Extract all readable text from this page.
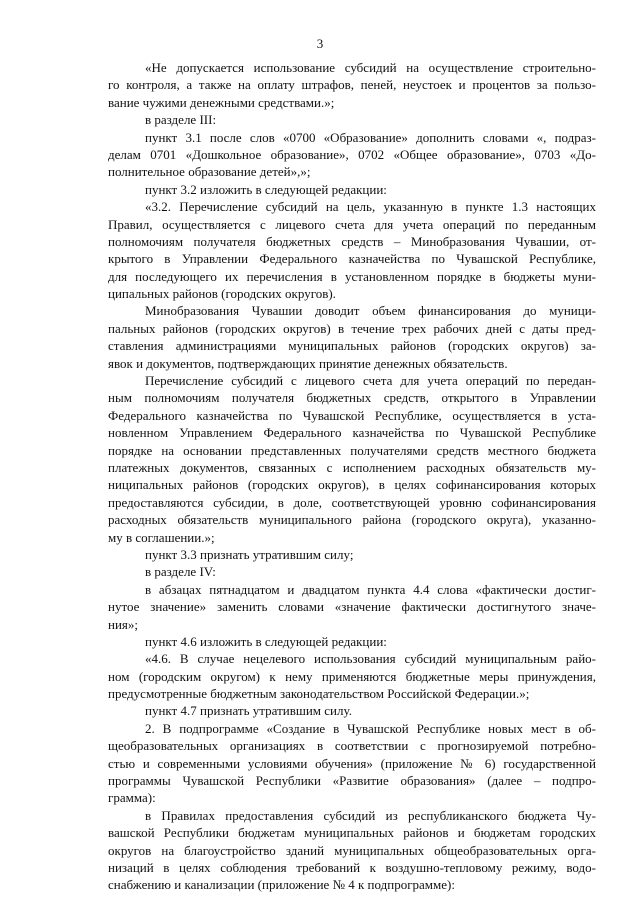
3
«Не допускается использование субсидий на осуществление строительно-
го контроля, а также на оплату штрафов, пеней, неустоек и процентов за пользо-
вание чужими денежными средствами.»;
в разделе III:
пункт 3.1 после слов «0700 «Образование» дополнить словами «, подраз-
делам 0701 «Дошкольное образование», 0702 «Общее образование», 0703 «До-
полнительное образование детей»,»;
пункт 3.2 изложить в следующей редакции:
«3.2. Перечисление субсидий на цель, указанную в пункте 1.3 настоящих
Правил, осуществляется с лицевого счета для учета операций по переданным
полномочиям получателя бюджетных средств – Минобразования Чувашии, от-
крытого в Управлении Федерального казначейства по Чувашской Республике,
для последующего их перечисления в установленном порядке в бюджеты муни-
ципальных районов (городских округов).
Минобразования Чувашии доводит объем финансирования до муници-
пальных районов (городских округов) в течение трех рабочих дней с даты пред-
ставления администрациями муниципальных районов (городских округов) за-
явок и документов, подтверждающих принятие денежных обязательств.
Перечисление субсидий с лицевого счета для учета операций по передан-
ным полномочиям получателя бюджетных средств, открытого в Управлении
Федерального казначейства по Чувашской Республике, осуществляется в уста-
новленном Управлением Федерального казначейства по Чувашской Республике
порядке на основании представленных получателями средств местного бюджета
платежных документов, связанных с исполнением расходных обязательств му-
ниципальных районов (городских округов), в целях софинансирования которых
предоставляются субсидии, в доле, соответствующей уровню софинансирования
расходных обязательств муниципального района (городского округа), указанно-
му в соглашении.»;
пункт 3.3 признать утратившим силу;
в разделе IV:
в абзацах пятнадцатом и двадцатом пункта 4.4 слова «фактически достиг-
нутое значение» заменить словами «значение фактически достигнутого значе-
ния»;
пункт 4.6 изложить в следующей редакции:
«4.6. В случае нецелевого использования субсидий муниципальным райо-
ном (городским округом) к нему применяются бюджетные меры принуждения,
предусмотренные бюджетным законодательством Российской Федерации.»;
пункт 4.7 признать утратившим силу.
2. В подпрограмме «Создание в Чувашской Республике новых мест в об-
щеобразовательных организациях в соответствии с прогнозируемой потребно-
стью и современными условиями обучения» (приложение № 6) государственной
программы Чувашской Республики «Развитие образования» (далее – подпро-
грамма):
в Правилах предоставления субсидий из республиканского бюджета Чу-
вашской Республики бюджетам муниципальных районов и бюджетам городских
округов на благоустройство зданий муниципальных общеобразовательных орга-
низаций в целях соблюдения требований к воздушно-тепловому режиму, водо-
снабжению и канализации (приложение № 4 к подпрограмме):
